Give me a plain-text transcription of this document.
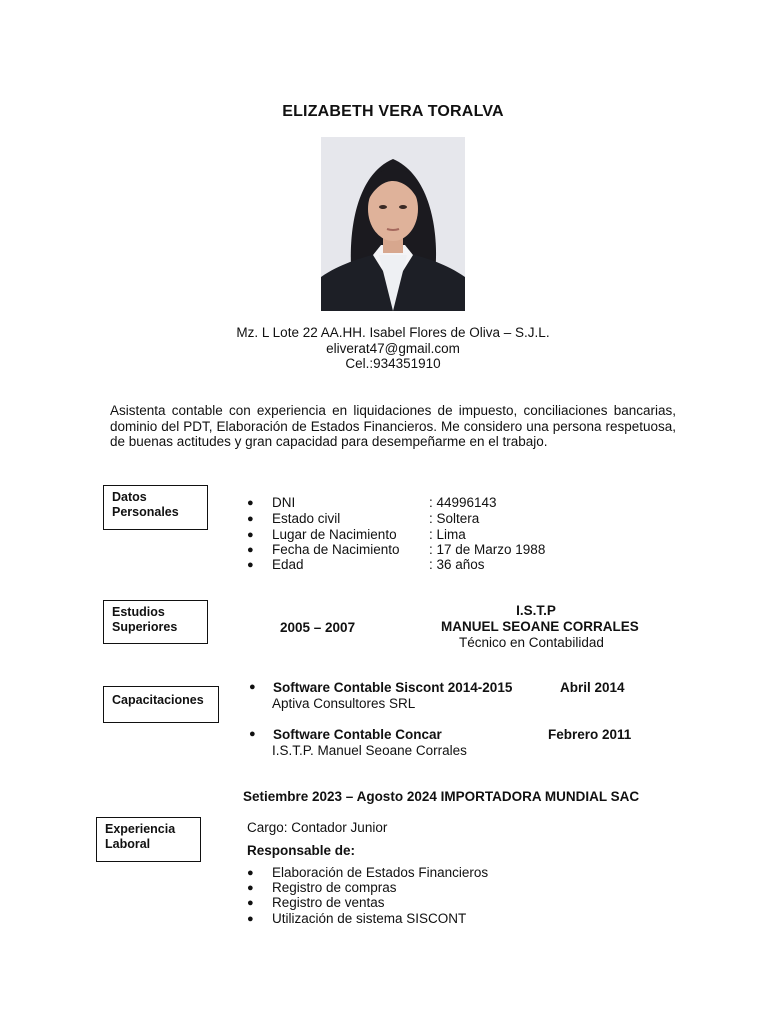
ELIZABETH VERA TORALVA
Mz. L Lote 22 AA.HH. Isabel Flores de Oliva – S.J.L.
eliverat47@gmail.com
Cel.:934351910
Asistenta contable con experiencia en liquidaciones de impuesto, conciliaciones bancarias, dominio del PDT, Elaboración de Estados Financieros. Me considero una persona respetuosa, de buenas actitudes y gran capacidad para desempeñarme en el trabajo.
Datos Personales
● DNI	: 44996143
● Estado civil	: Soltera
● Lugar de Nacimiento : Lima
● Fecha de Nacimiento : 17 de Marzo 1988
● Edad	: 36 años
Estudios Superiores	2005 – 2007
I.S.T.P
MANUEL SEOANE CORRALES
Técnico en Contabilidad
Capacitaciones
● Software Contable Siscont 2014-2015	Abril 2014
Aptiva Consultores SRL
● Software Contable Concar	Febrero 2011
I.S.T.P. Manuel Seoane Corrales
Setiembre 2023 – Agosto 2024 IMPORTADORA MUNDIAL SAC
Experiencia Laboral
Cargo: Contador Junior
Responsable de:
● Elaboración de Estados Financieros
● Registro de compras
● Registro de ventas
● Utilización de sistema SISCONT
